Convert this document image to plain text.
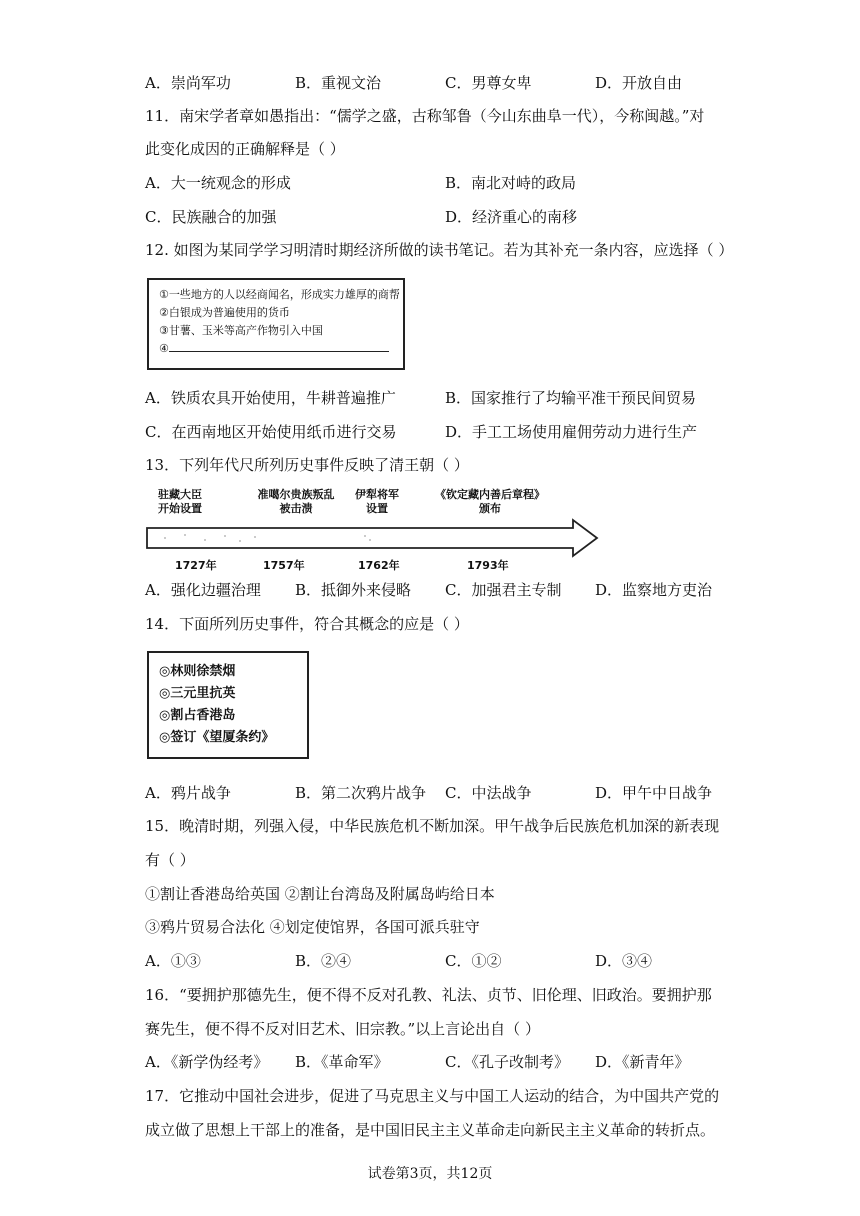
A．崇尚军功	B．重视文治	C．男尊女卑	D．开放自由
11．南宋学者章如愚指出：“儒学之盛，古称邹鲁（今山东曲阜一代），今称闽越。”对
此变化成因的正确解释是（ ）
A．大一统观念的形成	B．南北对峙的政局
C．民族融合的加强	D．经济重心的南移
12. 如图为某同学学习明清时期经济所做的读书笔记。若为其补充一条内容，应选择（ ）
①一些地方的人以经商闻名，形成实力雄厚的商帮
②白银成为普遍使用的货币
③甘薯、玉米等高产作物引入中国
④
A．铁质农具开始使用，牛耕普遍推广	B．国家推行了均输平准干预民间贸易
C．在西南地区开始使用纸币进行交易	D．手工工场使用雇佣劳动力进行生产
13．下列年代尺所列历史事件反映了清王朝（ ）
驻藏大臣
开始设置
准噶尔贵族叛乱
被击溃
伊犁将军
设置
《钦定藏内善后章程》
颁布
1727年	1757年	1762年	1793年
A．强化边疆治理 B．抵御外来侵略 C．加强君主专制 D．监察地方吏治
14．下面所列历史事件，符合其概念的应是（ ）
◎林则徐禁烟
◎三元里抗英
◎割占香港岛
◎签订《望厦条约》
A．鸦片战争	B．第二次鸦片战争 C．中法战争	D．甲午中日战争
15．晚清时期，列强入侵，中华民族危机不断加深。甲午战争后民族危机加深的新表现
有（ ）
①割让香港岛给英国 ②割让台湾岛及附属岛屿给日本
③鸦片贸易合法化 ④划定使馆界，各国可派兵驻守
A．①③	B．②④	C．①②	D．③④
16．“要拥护那德先生，便不得不反对孔教、礼法、贞节、旧伦理、旧政治。要拥护那
赛先生，便不得不反对旧艺术、旧宗教。”以上言论出自（ ）
A．《新学伪经考》 B．《革命军》	C．《孔子改制考》 D．《新青年》
17．它推动中国社会进步，促进了马克思主义与中国工人运动的结合，为中国共产党的
成立做了思想上干部上的准备，是中国旧民主主义革命走向新民主主义革命的转折点。
试卷第3页，共12页
